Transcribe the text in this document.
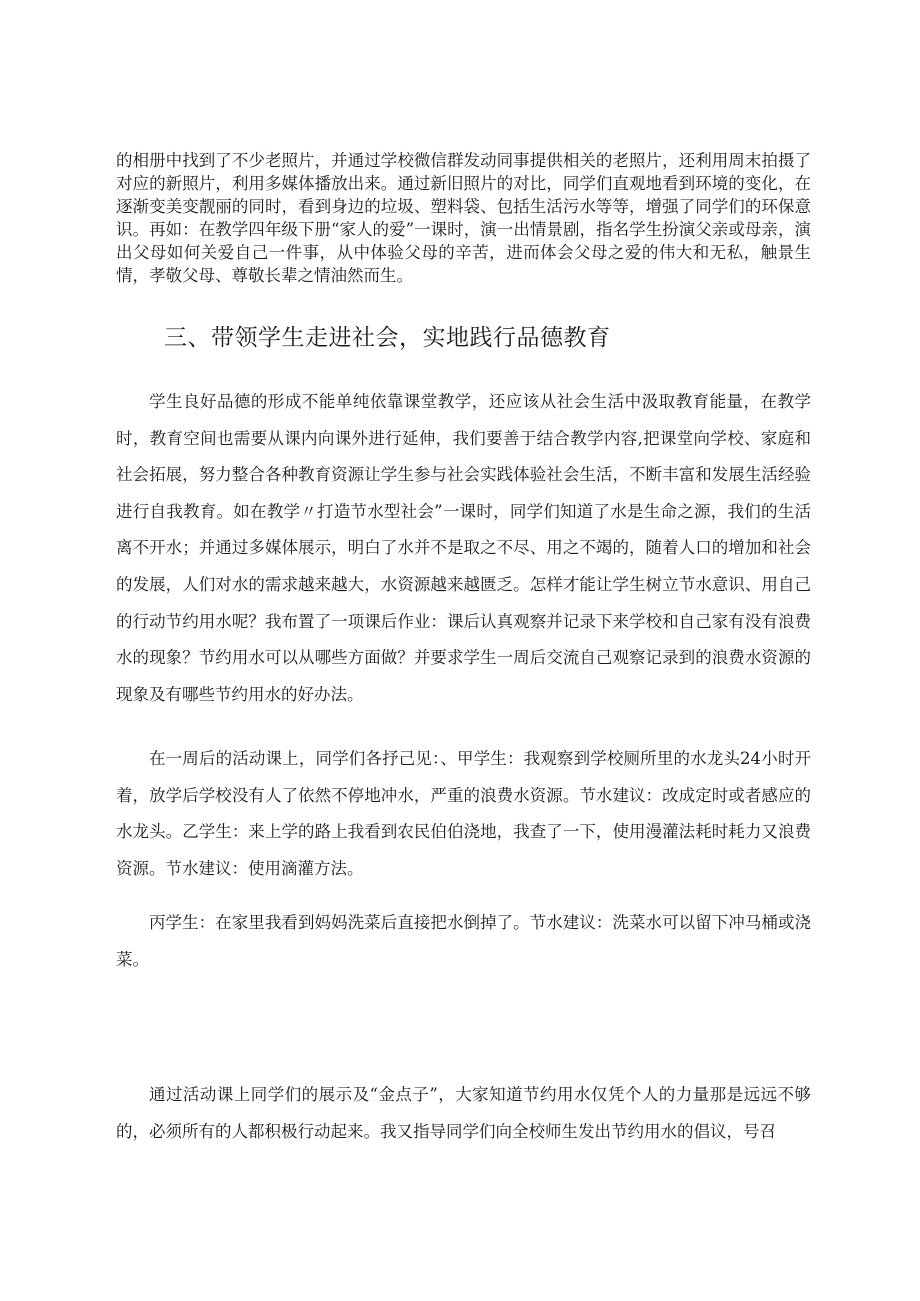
的相册中找到了不少老照片，并通过学校微信群发动同事提供相关的老照片，还利用周末拍摄了对应的新照片，利用多媒体播放出来。通过新旧照片的对比，同学们直观地看到环境的变化，在逐渐变美变靓丽的同时，看到身边的垃圾、塑料袋、包括生活污水等等，增强了同学们的环保意识。再如：在教学四年级下册“家人的爱”一课时，演一出情景剧，指名学生扮演父亲或母亲，演出父母如何关爱自己一件事，从中体验父母的辛苦，进而体会父母之爱的伟大和无私，触景生情，孝敬父母、尊敬长辈之情油然而生。

三、带领学生走进社会，实地践行品德教育

学生良好品德的形成不能单纯依靠课堂教学，还应该从社会生活中汲取教育能量，在教学时，教育空间也需要从课内向课外进行延伸，我们要善于结合教学内容,把课堂向学校、家庭和社会拓展，努力整合各种教育资源让学生参与社会实践体验社会生活，不断丰富和发展生活经验进行自我教育。如在教学〃打造节水型社会”一课时，同学们知道了水是生命之源，我们的生活离不开水；并通过多媒体展示，明白了水并不是取之不尽、用之不竭的，随着人口的增加和社会的发展，人们对水的需求越来越大，水资源越来越匮乏。怎样才能让学生树立节水意识、用自己的行动节约用水呢？我布置了一项课后作业：课后认真观察并记录下来学校和自己家有没有浪费水的现象？节约用水可以从哪些方面做？并要求学生一周后交流自己观察记录到的浪费水资源的现象及有哪些节约用水的好办法。

在一周后的活动课上，同学们各抒己见：、甲学生：我观察到学校厕所里的水龙头24小时开着，放学后学校没有人了依然不停地冲水，严重的浪费水资源。节水建议：改成定时或者感应的水龙头。乙学生：来上学的路上我看到农民伯伯浇地，我查了一下，使用漫灌法耗时耗力又浪费资源。节水建议：使用滴灌方法。

丙学生：在家里我看到妈妈洗菜后直接把水倒掉了。节水建议：洗菜水可以留下冲马桶或浇菜。

通过活动课上同学们的展示及“金点子”，大家知道节约用水仅凭个人的力量那是远远不够的，必须所有的人都积极行动起来。我又指导同学们向全校师生发出节约用水的倡议，号召
